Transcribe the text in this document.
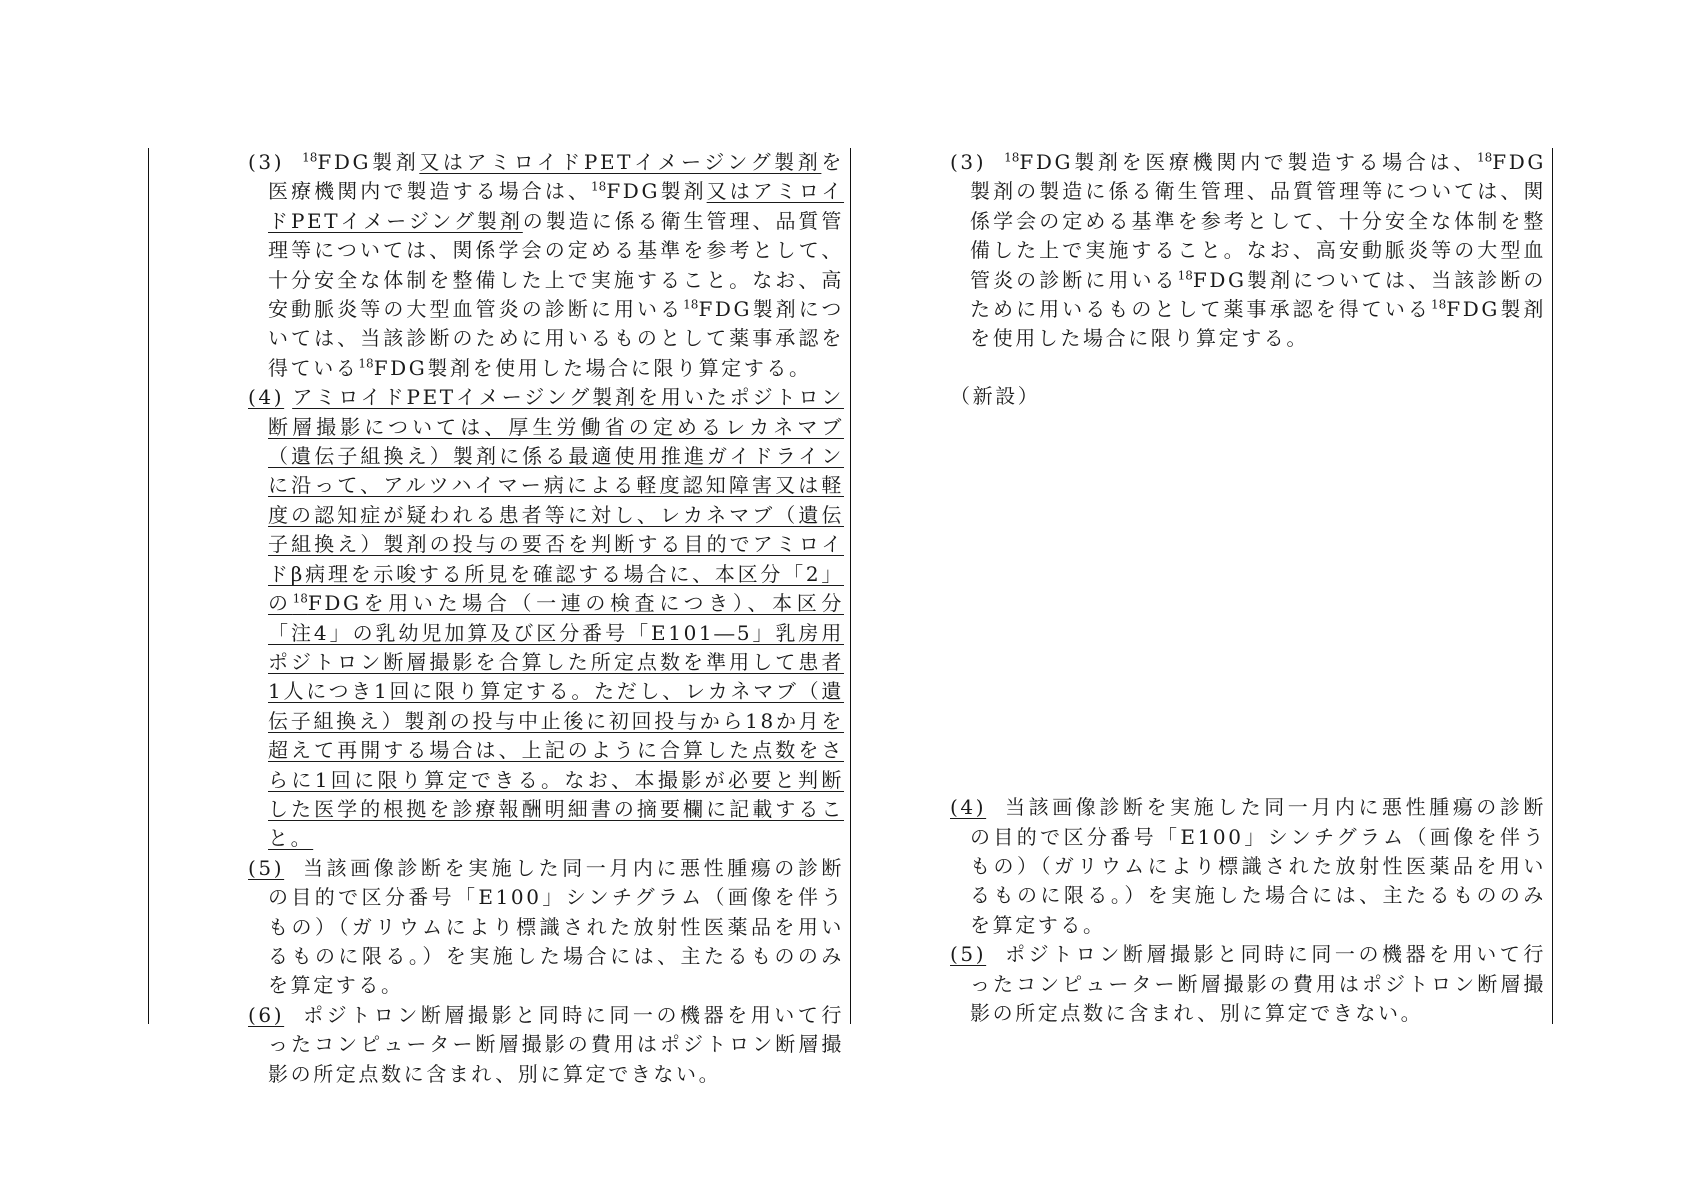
(3) $^{18}$FDG製剤又はアミロイドPETイメージング製剤を医療機関内で製造する場合は、$^{18}$FDG製剤又はアミロイドPETイメージング製剤の製造に係る衛生管理、品質管理等については、関係学会の定める基準を参考として、十分安全な体制を整備した上で実施すること。なお、高安動脈炎等の大型血管炎の診断に用いる$^{18}$FDG製剤については、当該診断のために用いるものとして薬事承認を得ている$^{18}$FDG製剤を使用した場合に限り算定する。

(4) アミロイドPETイメージング製剤を用いたポジトロン断層撮影については、厚生労働省の定めるレカネマブ（遺伝子組換え）製剤に係る最適使用推進ガイドラインに沿って、アルツハイマー病による軽度認知障害又は軽度の認知症が疑われる患者等に対し、レカネマブ（遺伝子組換え）製剤の投与の要否を判断する目的でアミロイドβ病理を示唆する所見を確認する場合に、本区分「2」の$^{18}$FDGを用いた場合（一連の検査につき）、本区分「注4」の乳幼児加算及び区分番号「E101―5」乳房用ポジトロン断層撮影を合算した所定点数を準用して患者1人につき1回に限り算定する。ただし、レカネマブ（遺伝子組換え）製剤の投与中止後に初回投与から18か月を超えて再開する場合は、上記のように合算した点数をさらに1回に限り算定できる。なお、本撮影が必要と判断した医学的根拠を診療報酬明細書の摘要欄に記載すること。

(5) 当該画像診断を実施した同一月内に悪性腫瘍の診断の目的で区分番号「E100」シンチグラム（画像を伴うもの）（ガリウムにより標識された放射性医薬品を用いるものに限る。）を実施した場合には、主たるもののみを算定する。

(6) ポジトロン断層撮影と同時に同一の機器を用いて行ったコンピューター断層撮影の費用はポジトロン断層撮影の所定点数に含まれ、別に算定できない。

(3) $^{18}$FDG製剤を医療機関内で製造する場合は、$^{18}$FDG製剤の製造に係る衛生管理、品質管理等については、関係学会の定める基準を参考として、十分安全な体制を整備した上で実施すること。なお、高安動脈炎等の大型血管炎の診断に用いる$^{18}$FDG製剤については、当該診断のために用いるものとして薬事承認を得ている$^{18}$FDG製剤を使用した場合に限り算定する。

（新設）

(4) 当該画像診断を実施した同一月内に悪性腫瘍の診断の目的で区分番号「E100」シンチグラム（画像を伴うもの）（ガリウムにより標識された放射性医薬品を用いるものに限る。）を実施した場合には、主たるもののみを算定する。

(5) ポジトロン断層撮影と同時に同一の機器を用いて行ったコンピューター断層撮影の費用はポジトロン断層撮影の所定点数に含まれ、別に算定できない。
